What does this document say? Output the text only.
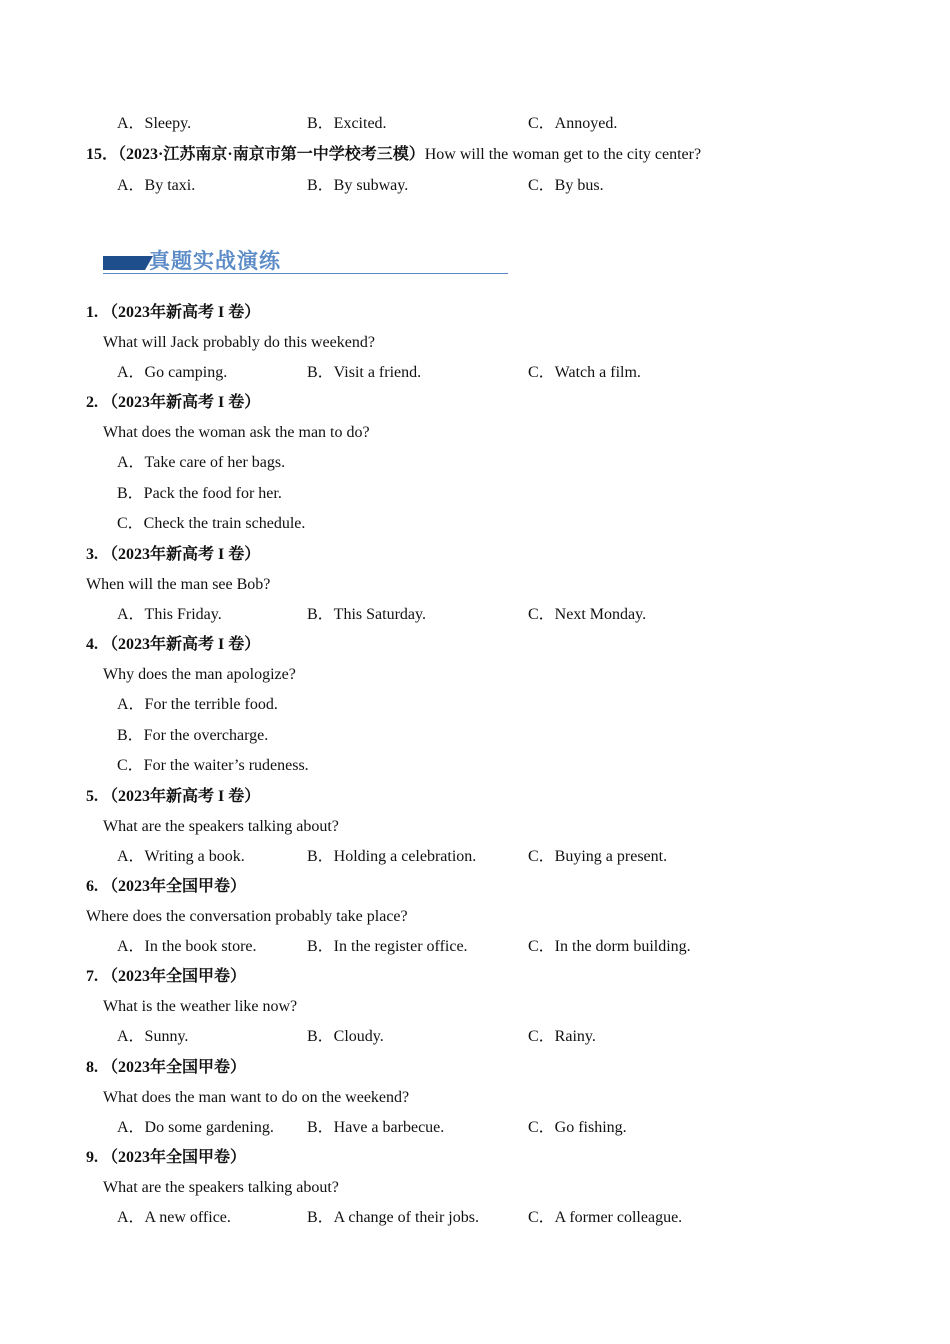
A．Sleepy.	B．Excited.	C．Annoyed.
15．（2023·江苏南京·南京市第一中学校考三模）How will the woman get to the city center?
A．By taxi.	B．By subway.	C．By bus.
真题实战演练
1. （2023年新高考 I 卷）
What will Jack probably do this weekend?
A．Go camping.	B．Visit a friend.	C．Watch a film.
2. （2023年新高考 I 卷）
What does the woman ask the man to do?
A．Take care of her bags.
B．Pack the food for her.
C．Check the train schedule.
3. （2023年新高考 I 卷）
When will the man see Bob?
A．This Friday.	B．This Saturday.	C．Next Monday.
4. （2023年新高考 I 卷）
Why does the man apologize?
A．For the terrible food.
B．For the overcharge.
C．For the waiter’s rudeness.
5. （2023年新高考 I 卷）
What are the speakers talking about?
A．Writing a book.	B．Holding a celebration.	C．Buying a present.
6. （2023年全国甲卷）
Where does the conversation probably take place?
A．In the book store.	B．In the register office.	C．In the dorm building.
7. （2023年全国甲卷）
What is the weather like now?
A．Sunny.	B．Cloudy.	C．Rainy.
8. （2023年全国甲卷）
What does the man want to do on the weekend?
A．Do some gardening. B．Have a barbecue.	C．Go fishing.
9. （2023年全国甲卷）
What are the speakers talking about?
A．A new office.	B．A change of their jobs.	C．A former colleague.
